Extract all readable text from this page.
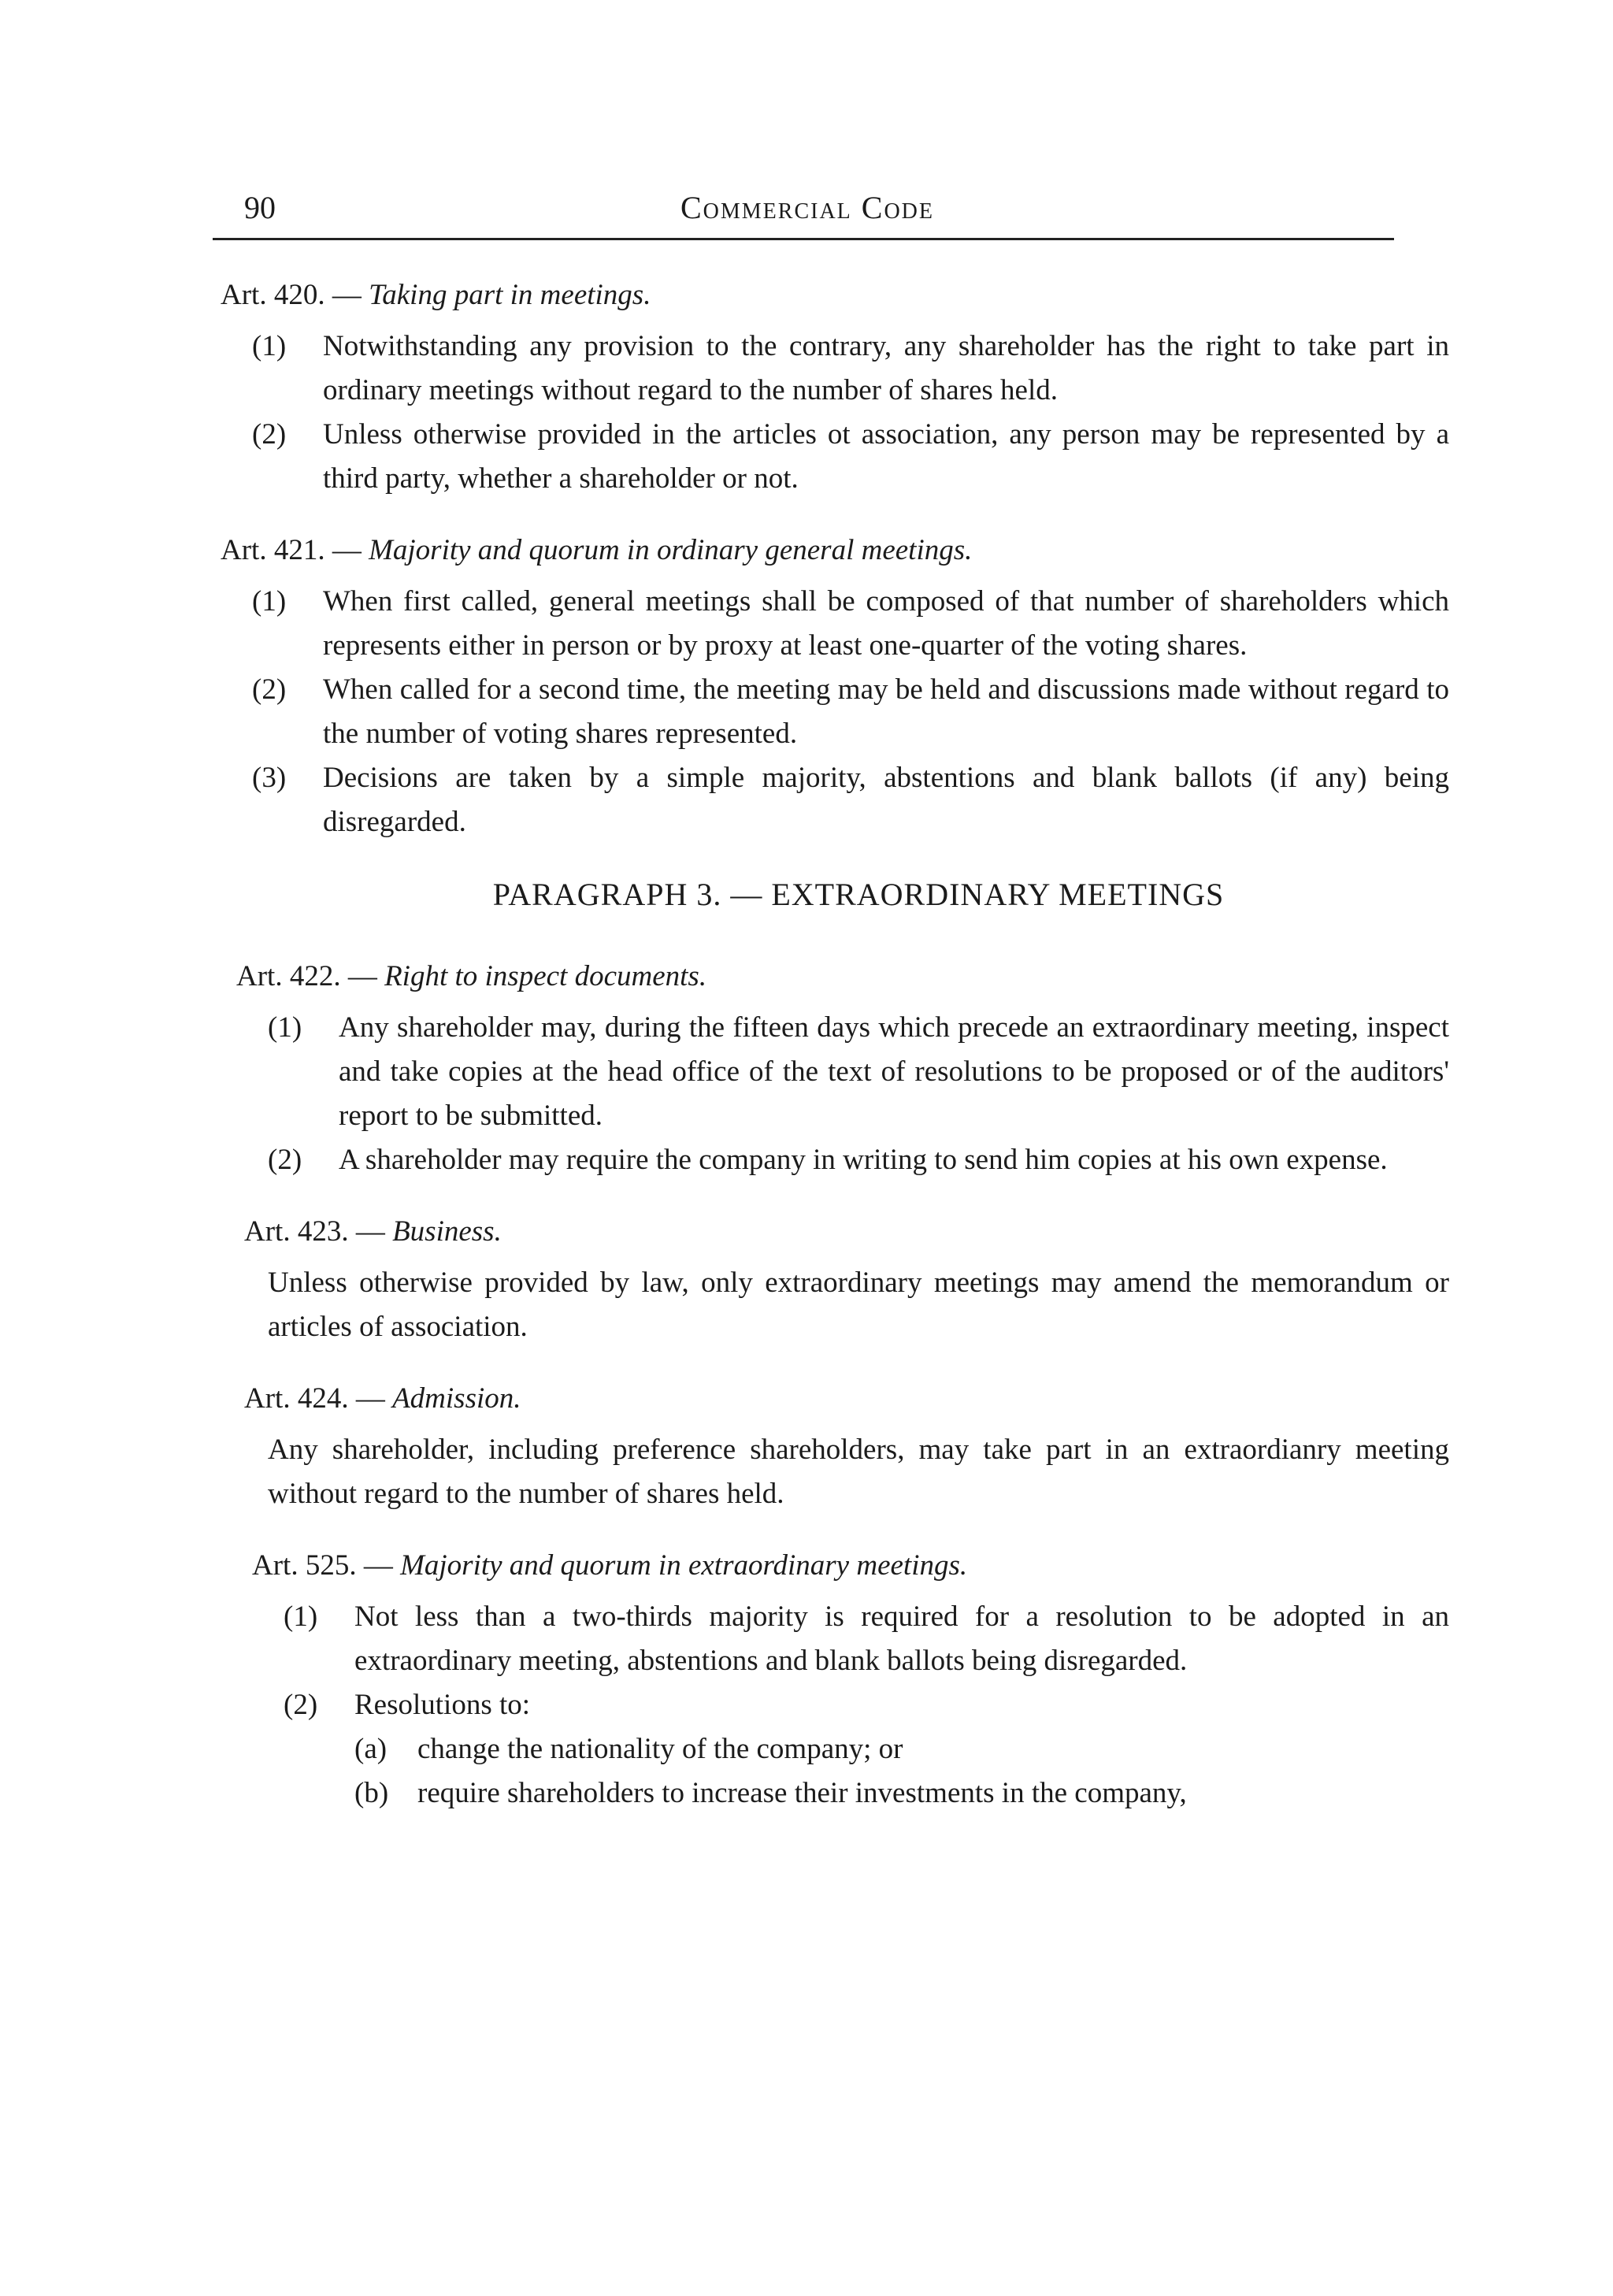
90	Commercial Code
Art. 420. — Taking part in meetings.
(1)	Notwithstanding any provision to the contrary, any shareholder has the right to take part in ordinary meetings without regard to the number of shares held.
(2)	Unless otherwise provided in the articles ot association, any person may be represented by a third party, whether a shareholder or not.
Art. 421. — Majority and quorum in ordinary general meetings.
(1)	When first called, general meetings shall be composed of that number of shareholders which represents either in person or by proxy at least one-quarter of the voting shares.
(2)	When called for a second time, the meeting may be held and discussions made without regard to the number of voting shares represented.
(3)	Decisions are taken by a simple majority, abstentions and blank ballots (if any) being disregarded.
PARAGRAPH 3. — EXTRAORDINARY MEETINGS
Art. 422. — Right to inspect documents.
(1)	Any shareholder may, during the fifteen days which precede an extraordinary meeting, inspect and take copies at the head office of the text of resolutions to be proposed or of the auditors' report to be submitted.
(2)	A shareholder may require the company in writing to send him copies at his own expense.
Art. 423. — Business.
Unless otherwise provided by law, only extraordinary meetings may amend the memorandum or articles of association.
Art. 424. — Admission.
Any shareholder, including preference shareholders, may take part in an extraordianry meeting without regard to the number of shares held.
Art. 525. — Majority and quorum in extraordinary meetings.
(1)	Not less than a two-thirds majority is required for a resolution to be adopted in an extraordinary meeting, abstentions and blank ballots being disregarded.
(2)	Resolutions to:
(a)	change the nationality of the company; or
(b) require shareholders to increase their investments in the company,
